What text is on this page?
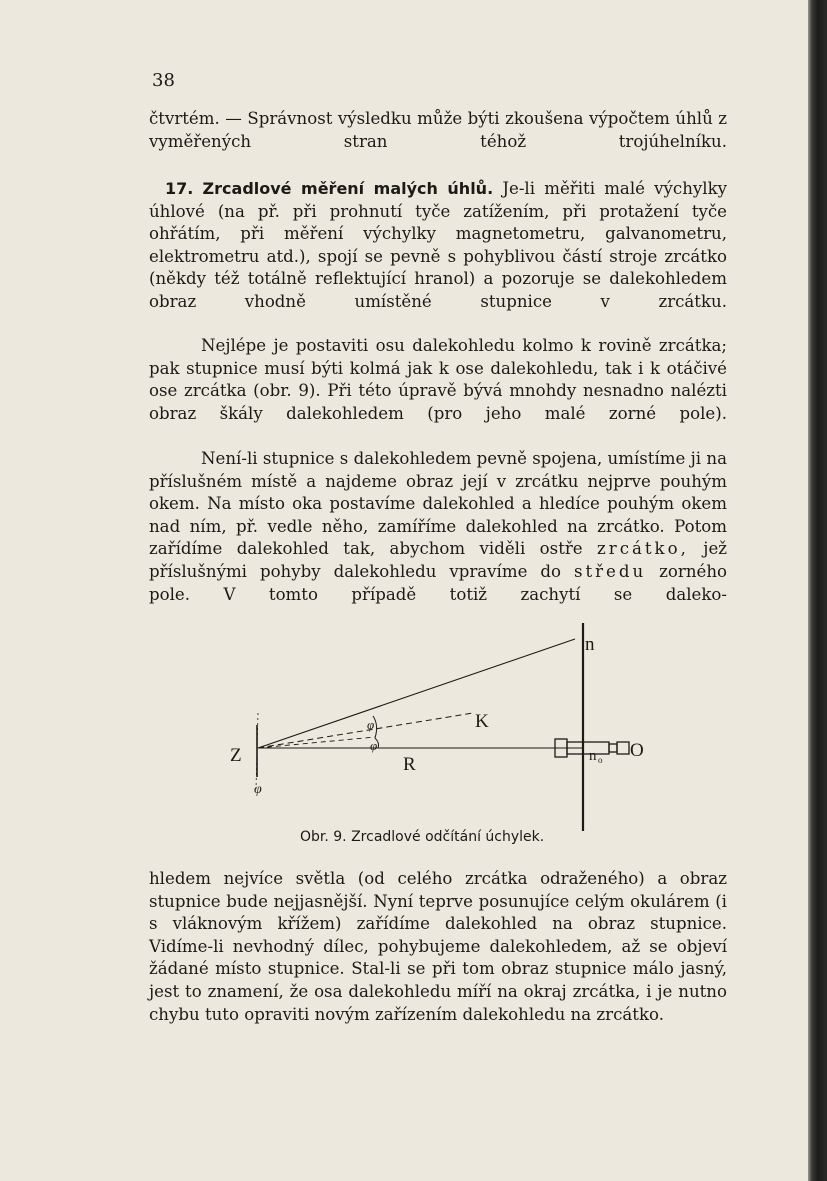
38

čtvrtém. — Správnost výsledku může býti zkoušena výpočtem úhlů z vyměřených stran téhož trojúhelníku.

17. Zrcadlové měření malých úhlů. Je-li měřiti malé výchylky úhlové (na př. při prohnutí tyče zatížením, při protažení tyče ohřátím, při měření výchylky magnetometru, galvanometru, elektrometru atd.), spojí se pevně s pohyblivou částí stroje zrcátko (někdy též totálně reflektující hranol) a pozoruje se dalekohledem obraz vhodně umístěné stupnice v zrcátku.

Nejlépe je postaviti osu dalekohledu kolmo k rovině zrcátka; pak stupnice musí býti kolmá jak k ose dalekohledu, tak i k otáčivé ose zrcátka (obr. 9). Při této úpravě bývá mnohdy nesnadno nalézti obraz škály dalekohledem (pro jeho malé zorné pole).

Není-li stupnice s dalekohledem pevně spojena, umístíme ji na příslušném místě a najdeme obraz její v zrcátku nejprve pouhým okem. Na místo oka postavíme dalekohled a hledíce pouhým okem nad ním, př. vedle něho, zamíříme dalekohled na zrcátko. Potom zařídíme dalekohled tak, abychom viděli ostře zrcátko, jež příslušnými pohyby dalekohledu vpravíme do středu zorného pole. V tomto případě totiž zachytí se daleko-

n
K
Z	R
O
n o
φ
φ
φ

Obr. 9. Zrcadlové odčítání úchylek.

hledem nejvíce světla (od celého zrcátka odraženého) a obraz stupnice bude nejjasnější. Nyní teprve posunujíce celým okulárem (i s vláknovým křížem) zařídíme dalekohled na obraz stupnice. Vidíme-li nevhodný dílec, pohybujeme dalekohledem, až se objeví žádané místo stupnice. Stal-li se při tom obraz stupnice málo jasný, jest to znamení, že osa dalekohledu míří na okraj zrcátka, i je nutno chybu tuto opraviti novým zařízením dalekohledu na zrcátko.
